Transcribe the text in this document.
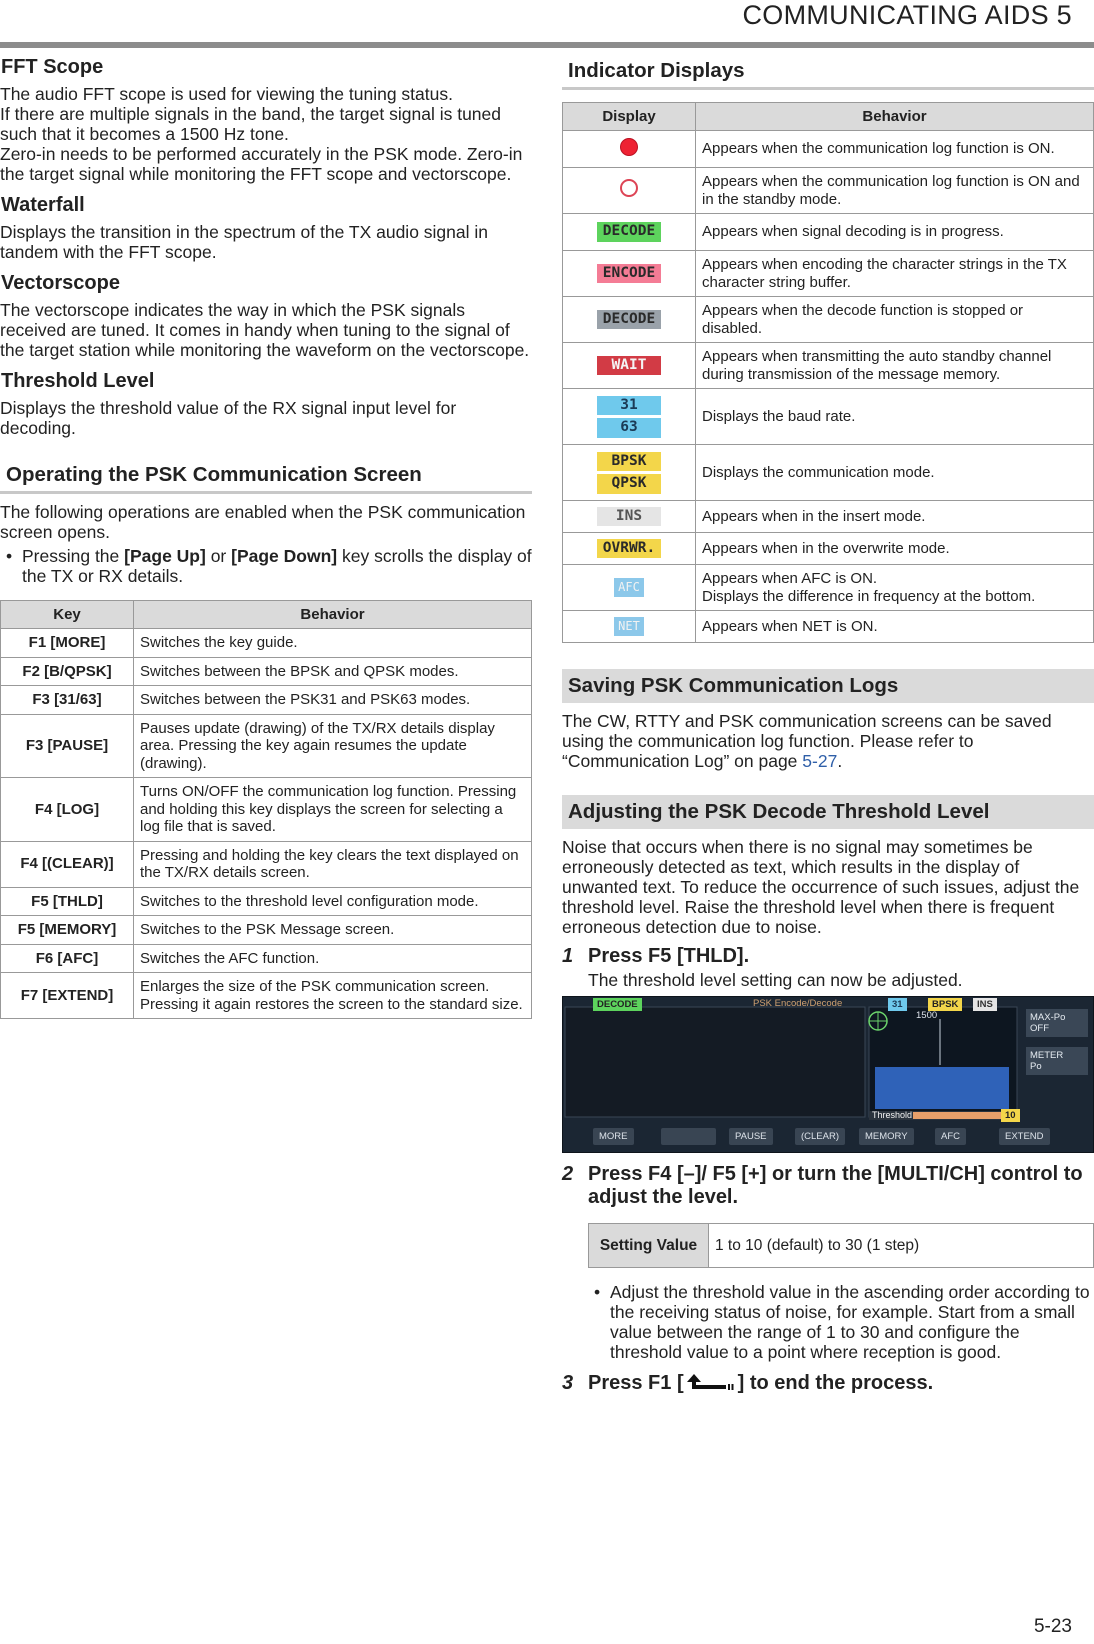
COMMUNICATING AIDS 5
FFT Scope

The audio FFT scope is used for viewing the tuning status.
If there are multiple signals in the band, the target signal is tuned such that it becomes a 1500 Hz tone.
Zero-in needs to be performed accurately in the PSK mode. Zero-in the target signal while monitoring the FFT scope and vectorscope.

Waterfall

Displays the transition in the spectrum of the TX audio signal in tandem with the FFT scope.

Vectorscope

The vectorscope indicates the way in which the PSK signals received are tuned. It comes in handy when tuning to the signal of the target station while monitoring the waveform on the vectorscope.

Threshold Level

Displays the threshold value of the RX signal input level for decoding.

Operating the PSK Communication Screen

The following operations are enabled when the PSK communication screen opens.

• Pressing the [Page Up] or [Page Down] key scrolls the display of the TX or RX details.
Key	Behavior
F1 [MORE]	Switches the key guide.
F2 [B/QPSK]	Switches between the BPSK and QPSK modes.
F3 [31/63]	Switches between the PSK31 and PSK63 modes.
F3 [PAUSE]	Pauses update (drawing) of the TX/RX details display area. Pressing the key again resumes the update (drawing).
F4 [LOG]	Turns ON/OFF the communication log function. Pressing and holding this key displays the screen for selecting a log file that is saved.
F4 [(CLEAR)]	Pressing and holding the key clears the text displayed on the TX/RX details screen.
F5 [THLD]	Switches to the threshold level configuration mode.
F5 [MEMORY]	Switches to the PSK Message screen.
F6 [AFC]	Switches the AFC function.
F7 [EXTEND]	Enlarges the size of the PSK communication screen. Pressing it again restores the screen to the standard size.
Indicator Displays
Display	Behavior
	Appears when the communication log function is ON.
	Appears when the communication log function is ON and in the standby mode.
DECODE	Appears when signal decoding is in progress.
ENCODE	Appears when encoding the character strings in the TX character string buffer.
DECODE	Appears when the decode function is stopped or disabled.
WAIT	Appears when transmitting the auto standby channel during transmission of the message memory.

31
63	Displays the baud rate.

BPSK
QPSK	Displays the communication mode.
INS	Appears when in the insert mode.
OVRWR.	Appears when in the overwrite mode.
AFC	Appears when AFC is ON.
Displays the difference in frequency at the bottom.
NET	Appears when NET is ON.
Saving PSK Communication Logs

The CW, RTTY and PSK communication screens can be saved using the communication log function. Please refer to “Communication Log” on page 5-27.

Adjusting the PSK Decode Threshold Level

Noise that occurs when there is no signal may sometimes be erroneously detected as text, which results in the display of unwanted text. To reduce the occurrence of such issues, adjust the threshold level. Raise the threshold level when there is frequent erroneous detection due to noise.

1 Press F5 [THLD].
The threshold level setting can now be adjusted.
DECODE	PSK Encode/Decode	31	BPSK	INS
1500
Threshold	10
MAX-Po
OFF
METER
Po
MORE
	PAUSE	(CLEAR)	MEMORY	AFC	EXTEND
2 Press F4 [–]/ F5 [+] or turn the [MULTI/CH] control to adjust the level.
Setting Value	1 to 10 (default) to 30 (1 step)
• Adjust the threshold value in the ascending order according to the receiving status of noise, for example. Start from a small value between the range of 1 to 30 and configure the threshold value to a point where reception is good.
3 Press F1 [	] to end the process.
5-23
